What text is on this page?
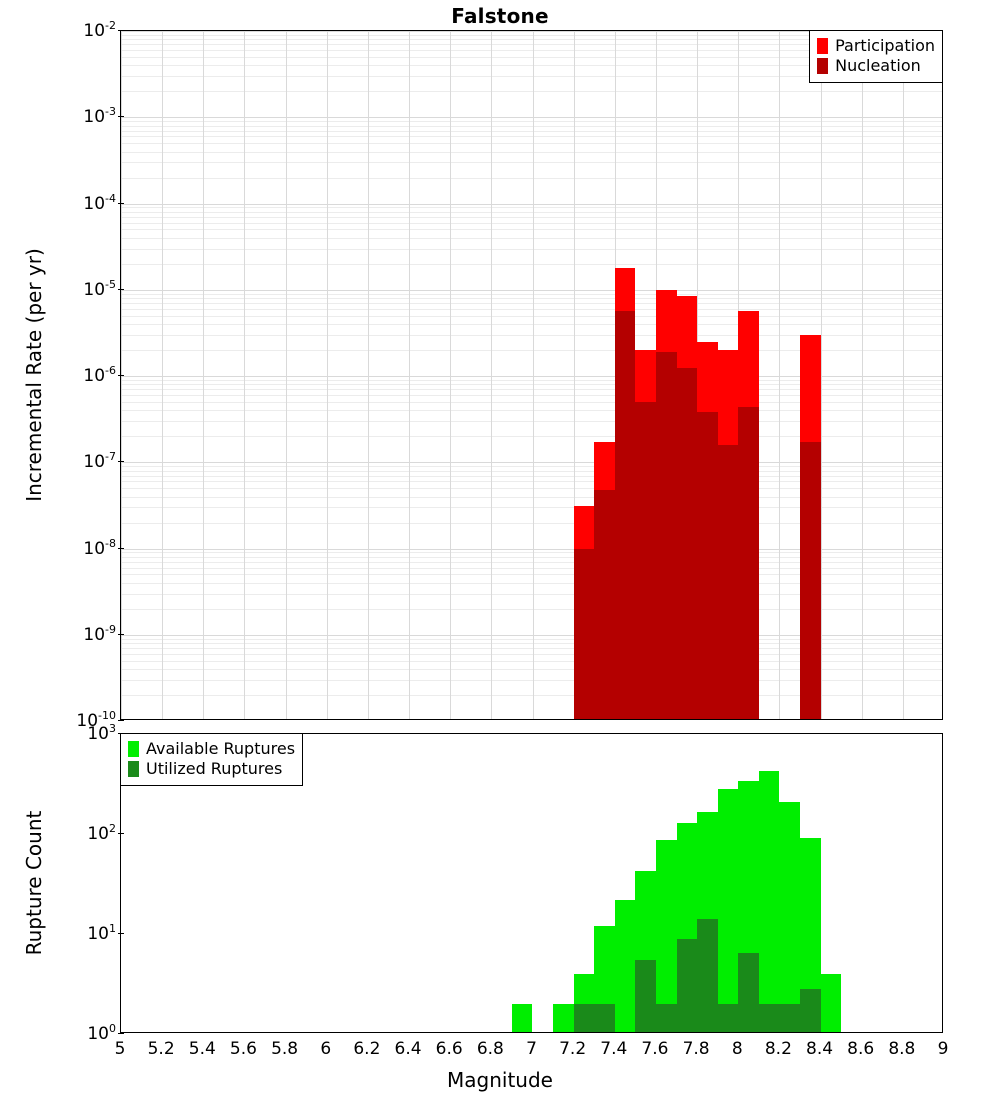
Falstone
Participation
Nucleation
$10^{-10}$
$10^{-9}$
$10^{-8}$
$10^{-7}$
$10^{-6}$
$10^{-5}$
$10^{-4}$
$10^{-3}$
$10^{-2}$
Incremental Rate (per yr)
Available Ruptures
Utilized Ruptures
$10^0$
$10^1$
$10^2$
$10^3$
Rupture Count
5 5.2 5.4 5.6 5.8 6 6.2 6.4 6.6 6.8 7 7.2 7.4 7.6 7.8 8 8.2 8.4 8.6 8.8 9
Magnitude
